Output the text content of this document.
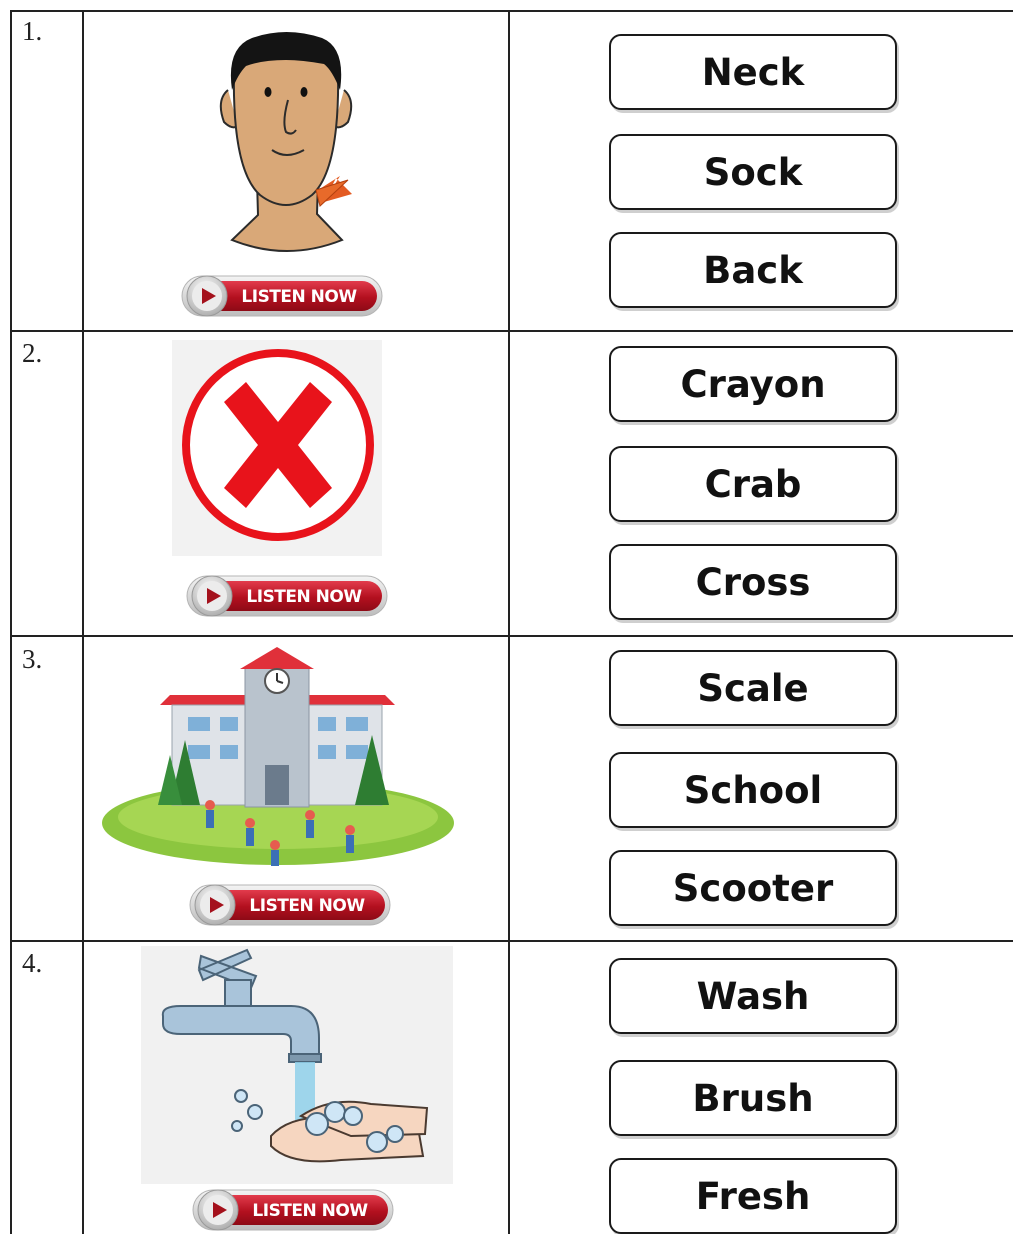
1.
LISTEN NOW
Neck
Sock
Back
2.
LISTEN NOW
Crayon
Crab
Cross
3.
LISTEN NOW
Scale
School
Scooter
4.
LISTEN NOW
Wash
Brush
Fresh
